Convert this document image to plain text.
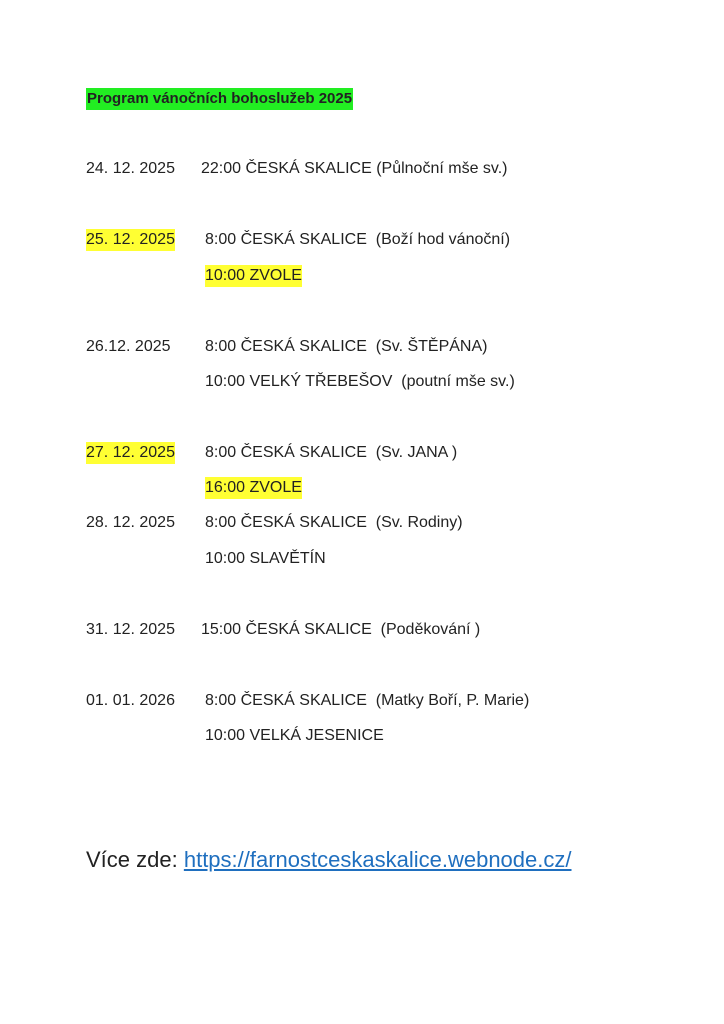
Program vánočních bohoslužeb 2025
24. 12. 2025 22:00 ČESKÁ SKALICE (Půlnoční mše sv.)
25. 12. 2025 8:00 ČESKÁ SKALICE  (Boží hod vánoční)
10:00 ZVOLE
26.12. 2025 8:00 ČESKÁ SKALICE  (Sv. ŠTĚPÁNA)
10:00 VELKÝ TŘEBEŠOV  (poutní mše sv.)
27. 12. 2025 8:00 ČESKÁ SKALICE  (Sv. JANA )
16:00 ZVOLE
28. 12. 2025 8:00 ČESKÁ SKALICE  (Sv. Rodiny)
10:00 SLAVĚTÍN
31. 12. 2025 15:00 ČESKÁ SKALICE  (Poděkování )
01. 01. 2026 8:00 ČESKÁ SKALICE  (Matky Boří, P. Marie)
10:00 VELKÁ JESENICE
Více zde: https://farnostceskaskalice.webnode.cz/
